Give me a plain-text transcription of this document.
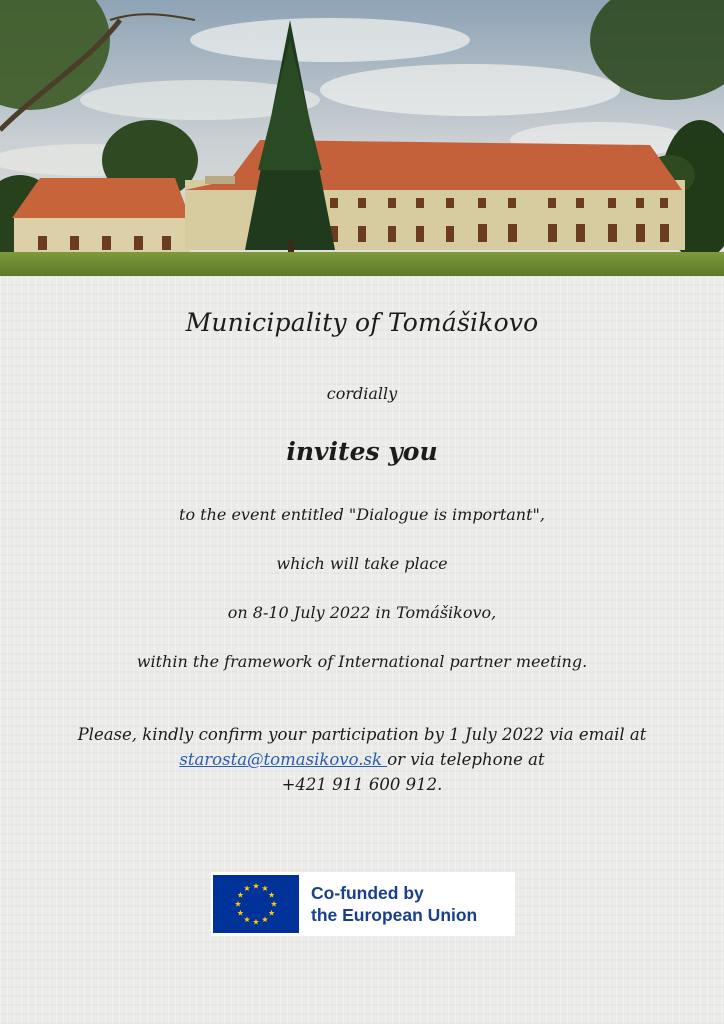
Municipality of Tomášikovo
cordially
invites you
to the event entitled "Dialogue is important",
which will take place
on 8-10 July 2022 in Tomášikovo,
within the framework of International partner meeting.
Please, kindly confirm your participation by 1 July 2022 via email at
starosta@tomasikovo.sk or via telephone at
+421 911 600 912.
Co-funded by
the European Union
